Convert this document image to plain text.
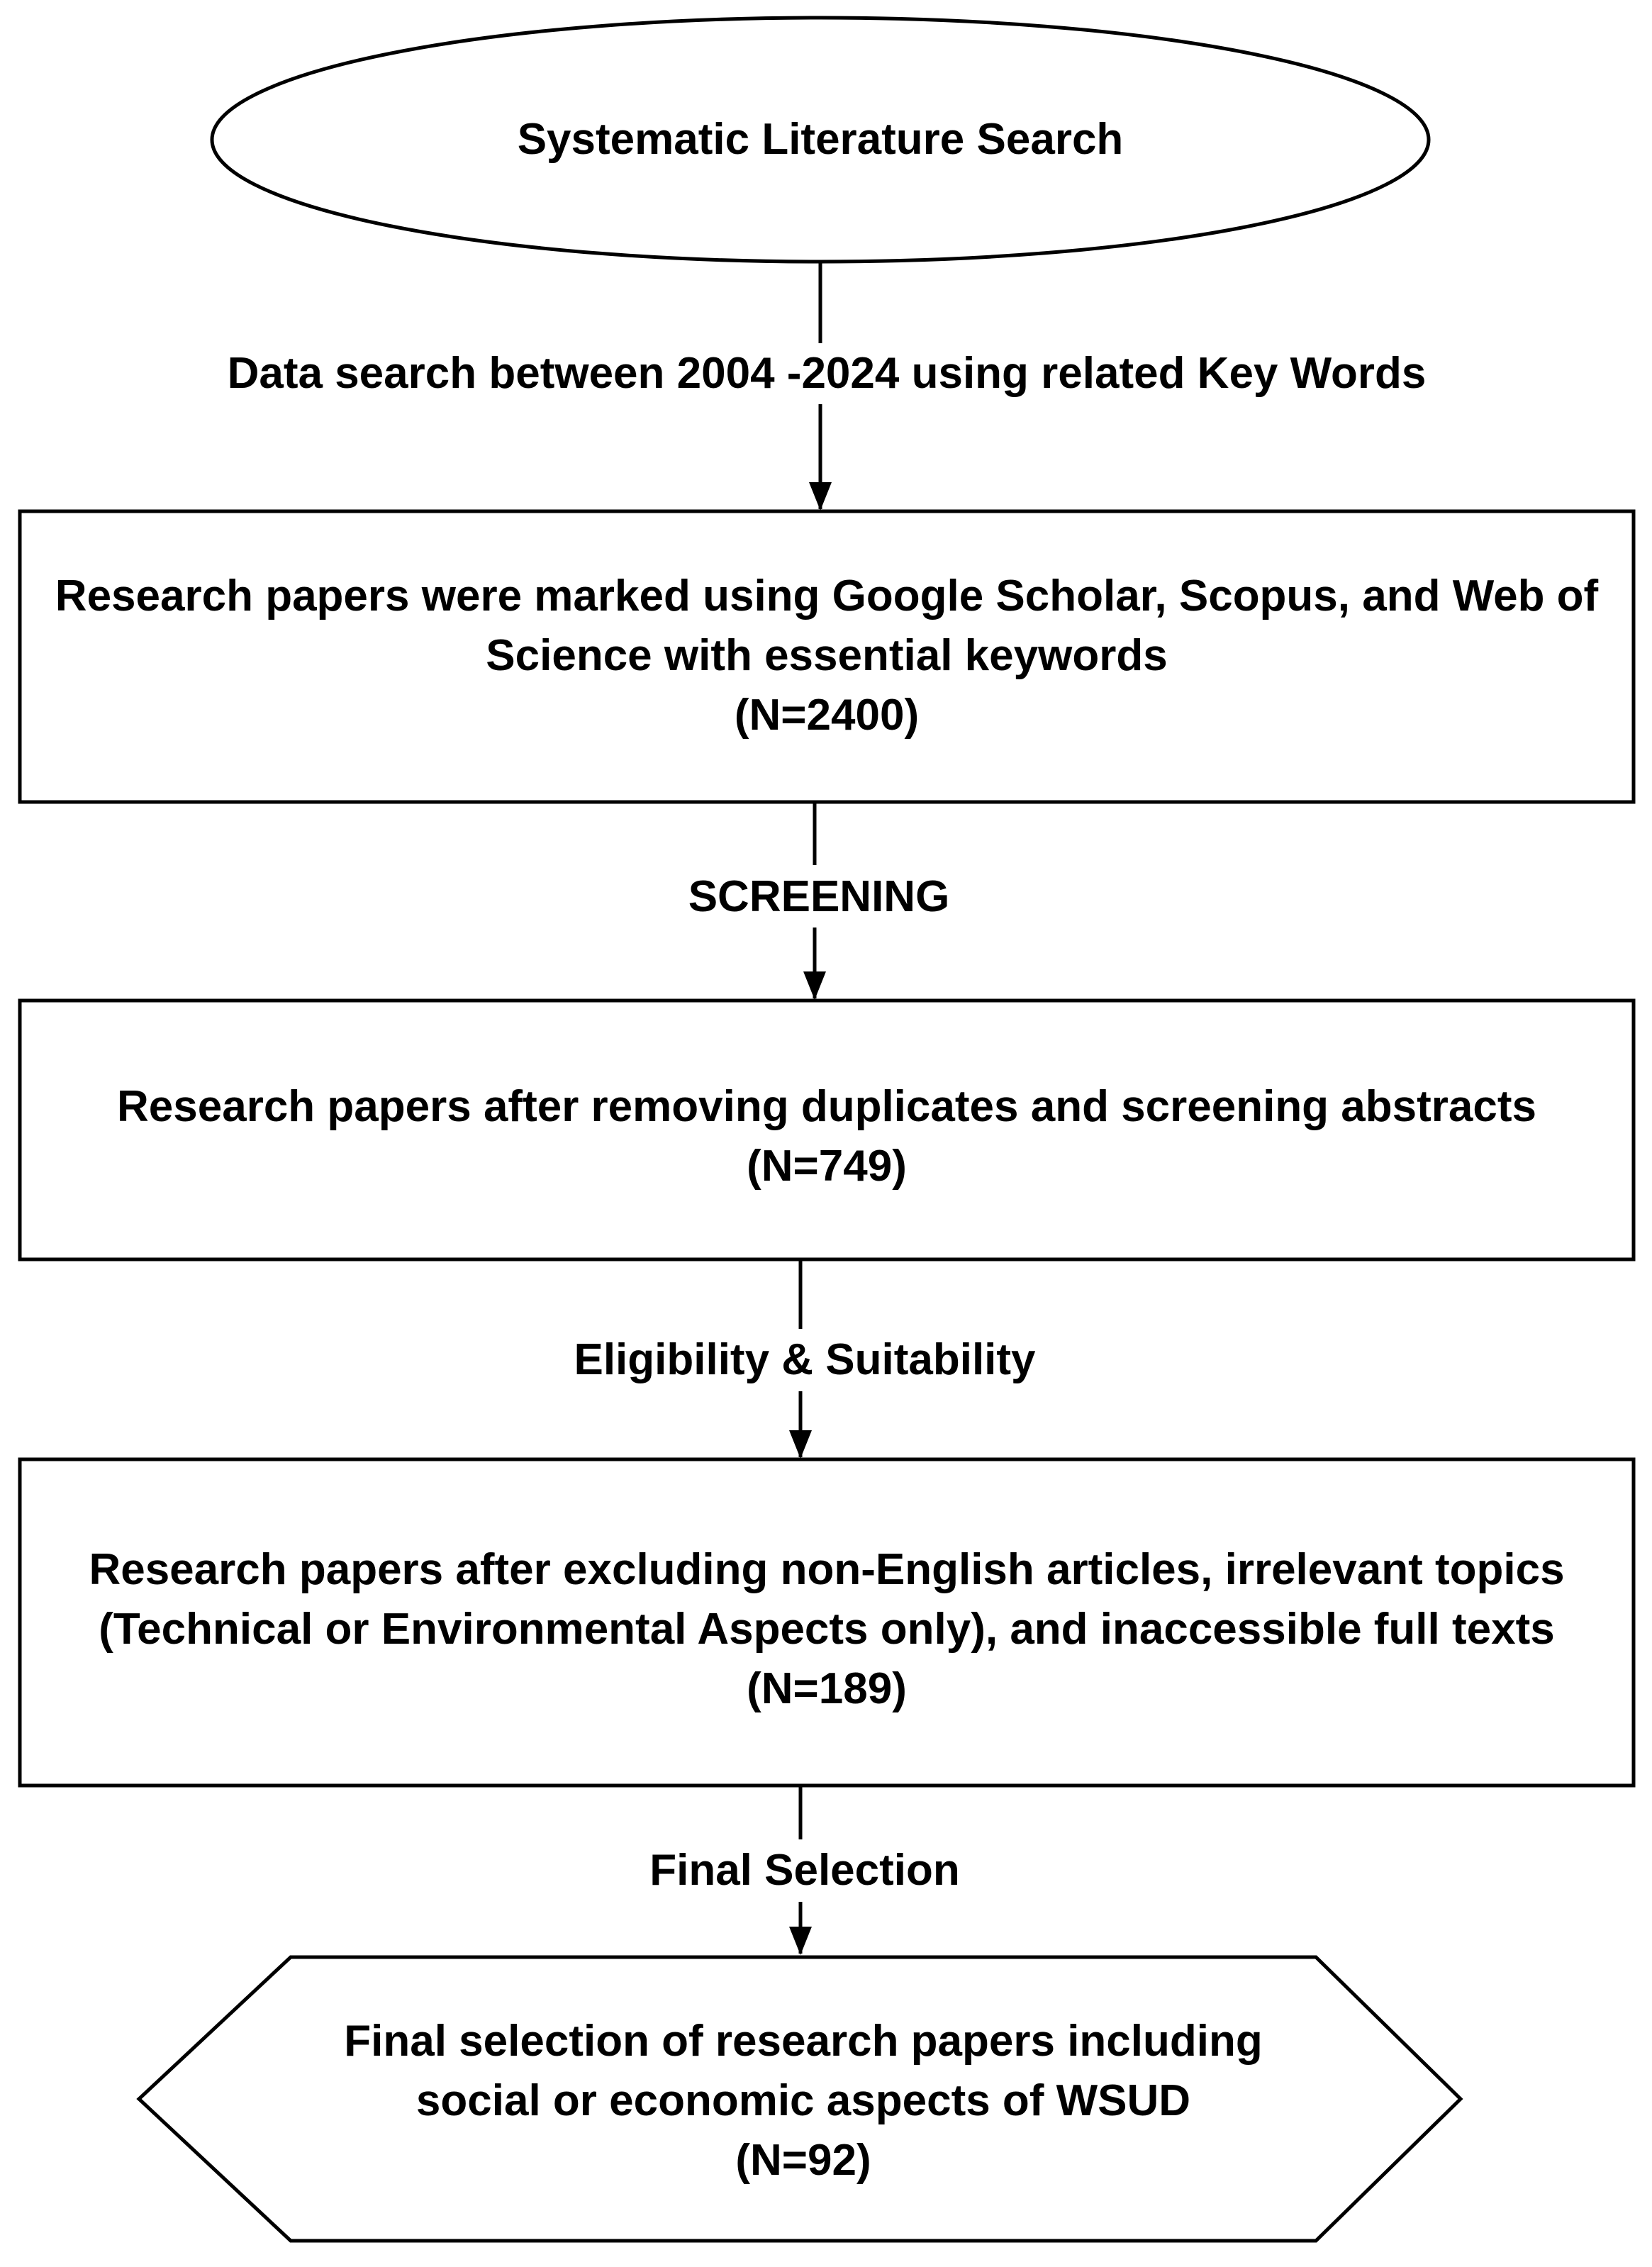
Systematic Literature Search
Research papers were marked using Google Scholar, Scopus, and Web of
Science with essential keywords
(N=2400)
Research papers after removing duplicates and screening abstracts
(N=749)
Research papers after excluding non-English articles, irrelevant topics
(Technical or Environmental Aspects only), and inaccessible full texts
(N=189)
Final selection of research papers including
social or economic aspects of WSUD
(N=92)
Data search between 2004 -2024 using related Key Words
SCREENING
Eligibility & Suitability
Final Selection
